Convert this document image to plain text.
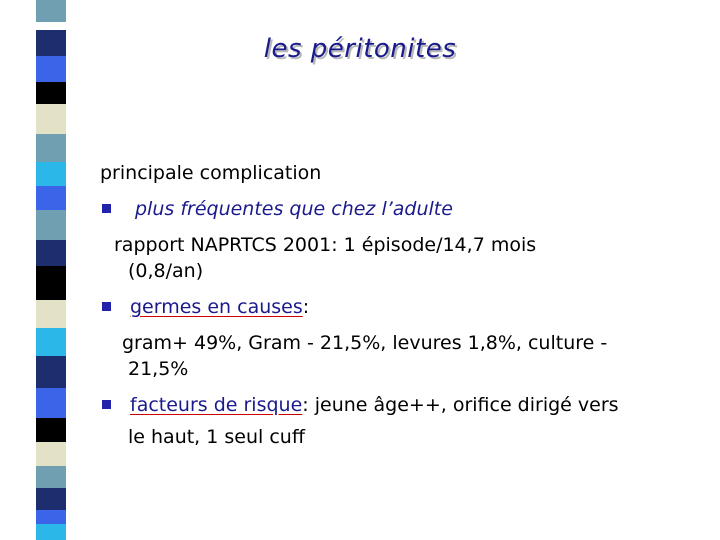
les péritonites
principale complication
plus fréquentes que chez l’adulte
rapport NAPRTCS 2001: 1 épisode/14,7 mois
(0,8/an)
germes en causes:
gram+ 49%, Gram - 21,5%, levures 1,8%, culture -
21,5%
facteurs de risque: jeune âge++, orifice dirigé vers
le haut, 1 seul cuff
